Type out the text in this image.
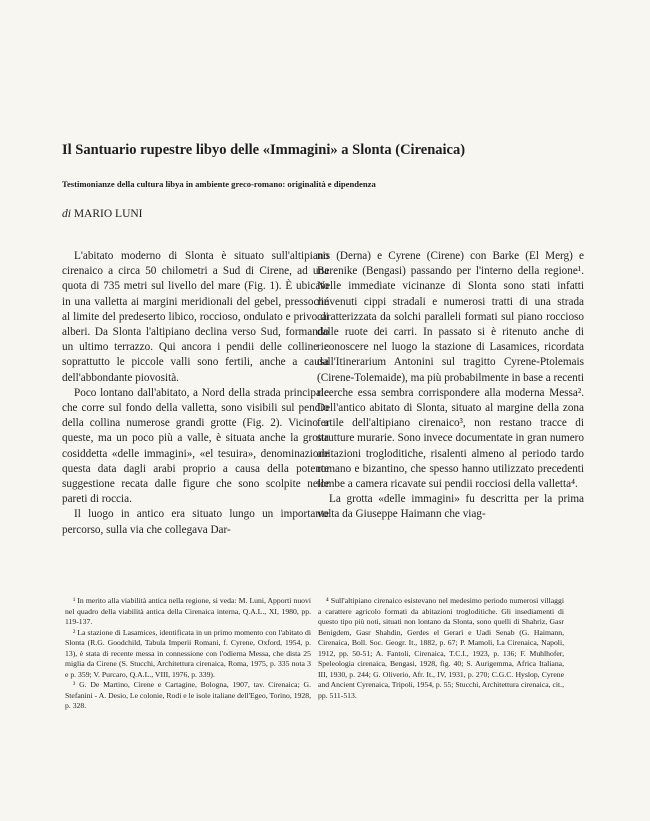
Il Santuario rupestre libyo delle «Immagini» a Slonta (Cirenaica)
Testimonianze della cultura libya in ambiente greco-romano: originalità e dipendenza
di MARIO LUNI

L'abitato moderno di Slonta è situato sull'altipiano cirenaico a circa 50 chilometri a Sud di Cirene, ad una quota di 735 metri sul livello del mare (Fig. 1). È ubicato in una valletta ai margini meridionali del gebel, pressoché al limite del predeserto libico, roccioso, ondulato e privo di alberi. Da Slonta l'altipiano declina verso Sud, formando un ultimo terrazzo. Qui ancora i pendii delle colline e soprattutto le piccole valli sono fertili, anche a causa dell'abbondante piovosità.

Poco lontano dall'abitato, a Nord della strada principale che corre sul fondo della valletta, sono visibili sul pendio della collina numerose grandi grotte (Fig. 2). Vicino a queste, ma un poco più a valle, è situata anche la grotta cosiddetta «delle immagini», «el tesuira», denominazione questa data dagli arabi proprio a causa della potente suggestione recata dalle figure che sono scolpite nelle pareti di roccia.

Il luogo in antico era situato lungo un importante percorso, sulla via che collegava Dar-

nis (Derna) e Cyrene (Cirene) con Barke (El Merg) e Berenike (Bengasi) passando per l'interno della regione¹. Nelle immediate vicinanze di Slonta sono stati infatti rinvenuti cippi stradali e numerosi tratti di una strada caratterizzata da solchi paralleli formati sul piano roccioso dalle ruote dei carri. In passato si è ritenuto anche di riconoscere nel luogo la stazione di Lasamices, ricordata dall'Itinerarium Antonini sul tragitto Cyrene-Ptolemais (Cirene-Tolemaide), ma più probabilmente in base a recenti ricerche essa sembra corrispondere alla moderna Messa². Dell'antico abitato di Slonta, situato al margine della zona fertile dell'altipiano cirenaico³, non restano tracce di strutture murarie. Sono invece documentate in gran numero abitazioni trogloditiche, risalenti almeno al periodo tardo romano e bizantino, che spesso hanno utilizzato precedenti tombe a camera ricavate sui pendii rocciosi della valletta⁴.

La grotta «delle immagini» fu descritta per la prima volta da Giuseppe Haimann che viag-

¹ In merito alla viabilità antica nella regione, si veda: M. Luni, Apporti nuovi nel quadro della viabilità antica della Cirenaica interna, Q.A.L., XI, 1980, pp. 119-137.

² La stazione di Lasamices, identificata in un primo momento con l'abitato di Slonta (R.G. Goodchild, Tabula Imperii Romani, f. Cyrene, Oxford, 1954, p. 13), è stata di recente messa in connessione con l'odierna Messa, che dista 25 miglia da Cirene (S. Stucchi, Architettura cirenaica, Roma, 1975, p. 335 nota 3 e p. 359; V. Purcaro, Q.A.L., VIII, 1976, p. 339).

³ G. De Martino, Cirene e Cartagine, Bologna, 1907, tav. Cirenaica; G. Stefanini - A. Desio, Le colonie, Rodi e le isole italiane dell'Egeo, Torino, 1928, p. 328.

⁴ Sull'altipiano cirenaico esistevano nel medesimo periodo numerosi villaggi a carattere agricolo formati da abitazioni trogloditiche. Gli insediamenti di questo tipo più noti, situati non lontano da Slonta, sono quelli di Shahriz, Gasr Benigdem, Gasr Shahdin, Gerdes el Gerarì e Uadi Senab (G. Haimann, Cirenaica, Boll. Soc. Geogr. It., 1882, p. 67; P. Mamoli, La Cirenaica, Napoli, 1912, pp. 50-51; A. Fantoli, Cirenaica, T.C.I., 1923, p. 136; F. Muhlhofer, Speleologia cirenaica, Bengasi, 1928, fig. 40; S. Aurigemma, Africa Italiana, III, 1930, p. 244; G. Oliverio, Afr. It., IV, 1931, p. 270; C.G.C. Hyslop, Cyrene and Ancient Cyrenaica, Tripoli, 1954, p. 55; Stucchi, Architettura cirenaica, cit., pp. 511-513.
